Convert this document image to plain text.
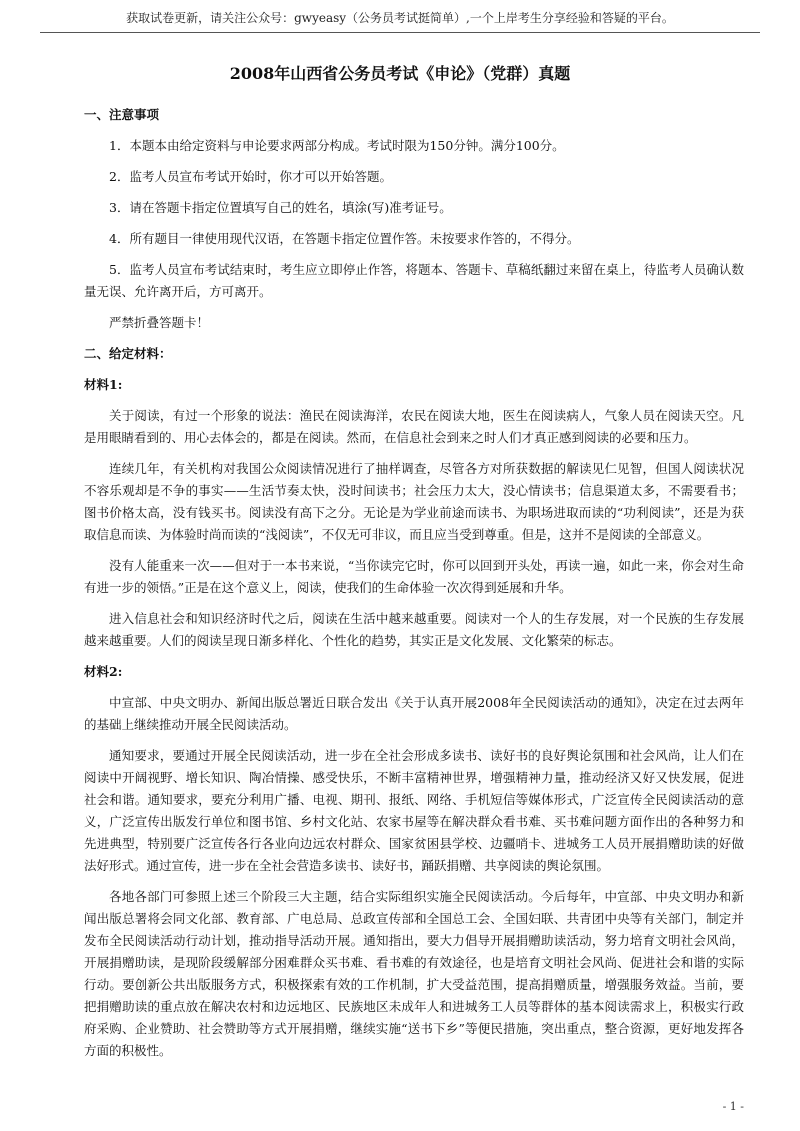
获取试卷更新，请关注公众号：gwyeasy（公务员考试挺简单）,一个上岸考生分享经验和答疑的平台。
2008年山西省公务员考试《申论》（党群）真题
一、注意事项
1．本题本由给定资料与申论要求两部分构成。考试时限为150分钟。满分100分。
2．监考人员宣布考试开始时，你才可以开始答题。
3．请在答题卡指定位置填写自己的姓名，填涂(写)准考证号。
4．所有题目一律使用现代汉语，在答题卡指定位置作答。未按要求作答的，不得分。
5．监考人员宣布考试结束时，考生应立即停止作答，将题本、答题卡、草稿纸翻过来留在桌上，待监考人员确认数量无误、允许离开后，方可离开。
严禁折叠答题卡！
二、给定材料：
材料1:
关于阅读，有过一个形象的说法：渔民在阅读海洋，农民在阅读大地，医生在阅读病人，气象人员在阅读天空。凡是用眼睛看到的、用心去体会的，都是在阅读。然而，在信息社会到来之时人们才真正感到阅读的必要和压力。
连续几年，有关机构对我国公众阅读情况进行了抽样调查，尽管各方对所获数据的解读见仁见智，但国人阅读状况不容乐观却是不争的事实——生活节奏太快，没时间读书；社会压力太大，没心情读书；信息渠道太多，不需要看书；图书价格太高，没有钱买书。阅读没有高下之分。无论是为学业前途而读书、为职场进取而读的“功利阅读”，还是为获取信息而读、为体验时尚而读的“浅阅读”，不仅无可非议，而且应当受到尊重。但是，这并不是阅读的全部意义。
没有人能重来一次——但对于一本书来说，“当你读完它时，你可以回到开头处，再读一遍，如此一来，你会对生命有进一步的领悟。”正是在这个意义上，阅读，使我们的生命体验一次次得到延展和升华。
进入信息社会和知识经济时代之后，阅读在生活中越来越重要。阅读对一个人的生存发展，对一个民族的生存发展越来越重要。人们的阅读呈现日渐多样化、个性化的趋势，其实正是文化发展、文化繁荣的标志。
材料2:
中宣部、中央文明办、新闻出版总署近日联合发出《关于认真开展2008年全民阅读活动的通知》，决定在过去两年的基础上继续推动开展全民阅读活动。
通知要求，要通过开展全民阅读活动，进一步在全社会形成多读书、读好书的良好舆论氛围和社会风尚，让人们在阅读中开阔视野、增长知识、陶冶情操、感受快乐，不断丰富精神世界，增强精神力量，推动经济又好又快发展，促进社会和谐。通知要求，要充分利用广播、电视、期刊、报纸、网络、手机短信等媒体形式，广泛宣传全民阅读活动的意义，广泛宣传出版发行单位和图书馆、乡村文化站、农家书屋等在解决群众看书难、买书难问题方面作出的各种努力和先进典型，特别要广泛宣传各行各业向边远农村群众、国家贫困县学校、边疆哨卡、进城务工人员开展捐赠助读的好做法好形式。通过宣传，进一步在全社会营造多读书、读好书，踊跃捐赠、共享阅读的舆论氛围。
各地各部门可参照上述三个阶段三大主题，结合实际组织实施全民阅读活动。今后每年，中宣部、中央文明办和新闻出版总署将会同文化部、教育部、广电总局、总政宣传部和全国总工会、全国妇联、共青团中央等有关部门，制定并发布全民阅读活动行动计划，推动指导活动开展。通知指出，要大力倡导开展捐赠助读活动，努力培育文明社会风尚，开展捐赠助读，是现阶段缓解部分困难群众买书难、看书难的有效途径，也是培育文明社会风尚、促进社会和谐的实际行动。要创新公共出版服务方式，积极探索有效的工作机制，扩大受益范围，提高捐赠质量，增强服务效益。当前，要把捐赠助读的重点放在解决农村和边远地区、民族地区未成年人和进城务工人员等群体的基本阅读需求上，积极实行政府采购、企业赞助、社会赞助等方式开展捐赠，继续实施“送书下乡”等便民措施，突出重点，整合资源，更好地发挥各方面的积极性。
- 1 -
